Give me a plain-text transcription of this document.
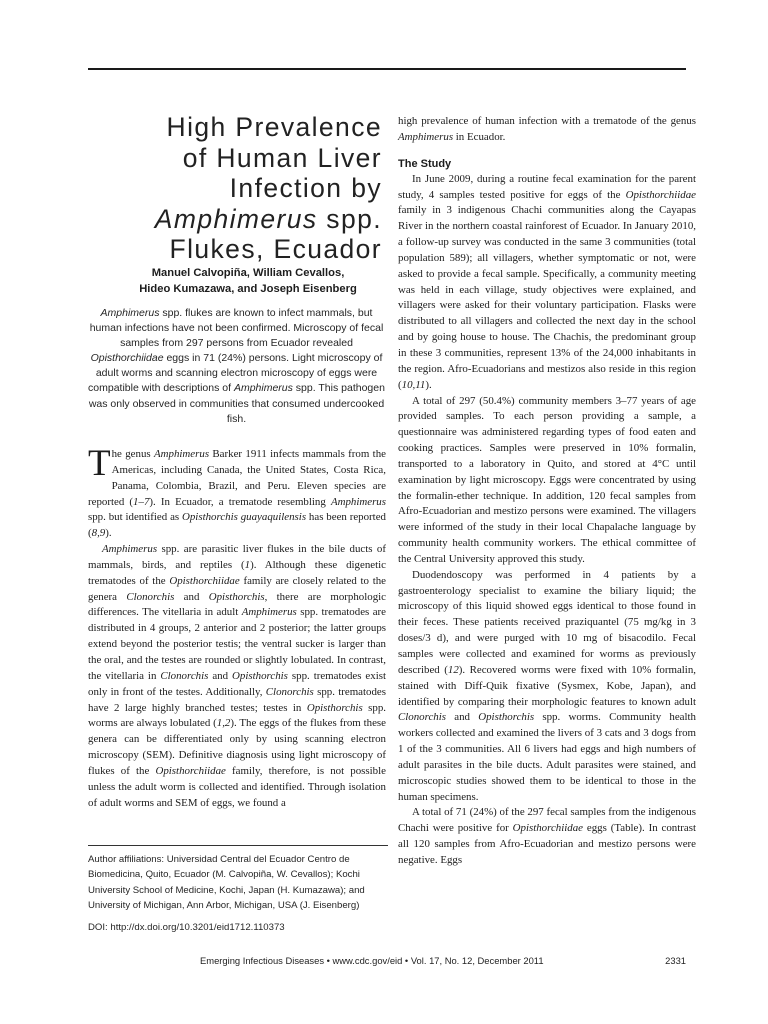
High Prevalence
of Human Liver
Infection by
Amphimerus spp.
Flukes, Ecuador
Manuel Calvopiña, William Cevallos,
Hideo Kumazawa, and Joseph Eisenberg
Amphimerus spp. flukes are known to infect mammals, but human infections have not been confirmed. Microscopy of fecal samples from 297 persons from Ecuador revealed Opisthorchiidae eggs in 71 (24%) persons. Light microscopy of adult worms and scanning electron microscopy of eggs were compatible with descriptions of Amphimerus spp. This pathogen was only observed in communities that consumed undercooked fish.

The genus Amphimerus Barker 1911 infects mammals from the Americas, including Canada, the United States, Costa Rica, Panama, Colombia, Brazil, and Peru. Eleven species are reported (1–7). In Ecuador, a trematode resembling Amphimerus spp. but identified as Opisthorchis guayaquilensis has been reported (8,9).

Amphimerus spp. are parasitic liver flukes in the bile ducts of mammals, birds, and reptiles (1). Although these digenetic trematodes of the Opisthorchiidae family are closely related to the genera Clonorchis and Opisthorchis, there are morphologic differences. The vitellaria in adult Amphimerus spp. trematodes are distributed in 4 groups, 2 anterior and 2 posterior; the latter groups extend beyond the posterior testis; the ventral sucker is larger than the oral, and the testes are rounded or slightly lobulated. In contrast, the vitellaria in Clonorchis and Opisthorchis spp. trematodes exist only in front of the testes. Additionally, Clonorchis spp. trematodes have 2 large highly branched testes; testes in Opisthorchis spp. worms are always lobulated (1,2). The eggs of the flukes from these genera can be differentiated only by using scanning electron microscopy (SEM). Definitive diagnosis using light microscopy of flukes of the Opisthorchiidae family, therefore, is not possible unless the adult worm is collected and identified. Through isolation of adult worms and SEM of eggs, we found a

Author affiliations: Universidad Central del Ecuador Centro de Biomedicina, Quito, Ecuador (M. Calvopiña, W. Cevallos); Kochi University School of Medicine, Kochi, Japan (H. Kumazawa); and University of Michigan, Ann Arbor, Michigan, USA (J. Eisenberg)
DOI: http://dx.doi.org/10.3201/eid1712.110373

high prevalence of human infection with a trematode of the genus Amphimerus in Ecuador.

The Study

In June 2009, during a routine fecal examination for the parent study, 4 samples tested positive for eggs of the Opisthorchiidae family in 3 indigenous Chachi communities along the Cayapas River in the northern coastal rainforest of Ecuador. In January 2010, a follow-up survey was conducted in the same 3 communities (total population 589); all villagers, whether symptomatic or not, were asked to provide a fecal sample. Specifically, a community meeting was held in each village, study objectives were explained, and villagers were asked for their voluntary participation. Flasks were distributed to all villagers and collected the next day in the school and by going house to house. The Chachis, the predominant group in these 3 communities, represent 13% of the 24,000 inhabitants in the region. Afro-Ecuadorians and mestizos also reside in this region (10,11).

A total of 297 (50.4%) community members 3–77 years of age provided samples. To each person providing a sample, a questionnaire was administered regarding types of food eaten and cooking practices. Samples were preserved in 10% formalin, transported to a laboratory in Quito, and stored at 4°C until examination by light microscopy. Eggs were concentrated by using the formalin-ether technique. In addition, 120 fecal samples from Afro-Ecuadorian and mestizo persons were examined. The villagers were informed of the study in their local Chapalache language by community health community workers. The ethical committee of the Central University approved this study.

Duodendoscopy was performed in 4 patients by a gastroenterology specialist to examine the biliary liquid; the microscopy of this liquid showed eggs identical to those found in their feces. These patients received praziquantel (75 mg/kg in 3 doses/3 d), and were purged with 10 mg of bisacodilo. Fecal samples were collected and examined for worms as previously described (12). Recovered worms were fixed with 10% formalin, stained with Diff-Quik fixative (Sysmex, Kobe, Japan), and identified by comparing their morphologic features to known adult Clonorchis and Opisthorchis spp. worms. Community health workers collected and examined the livers of 3 cats and 3 dogs from 1 of the 3 communities. All 6 livers had eggs and high numbers of adult parasites in the bile ducts. Adult parasites were stained, and microscopic studies showed them to be identical to those in the human specimens.

A total of 71 (24%) of the 297 fecal samples from the indigenous Chachi were positive for Opisthorchiidae eggs (Table). In contrast all 120 samples from Afro-Ecuadorian and mestizo persons were negative. Eggs

Emerging Infectious Diseases • www.cdc.gov/eid • Vol. 17, No. 12, December 2011	2331
